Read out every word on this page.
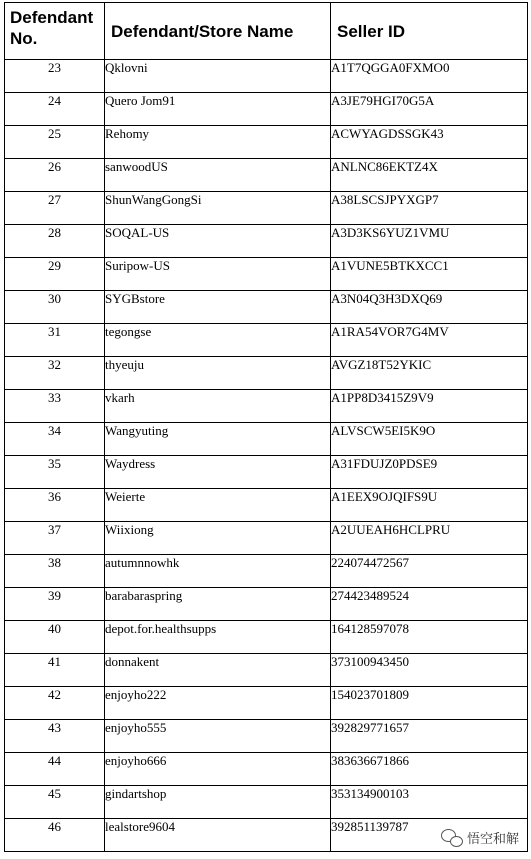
Defendant No.	Defendant/Store Name	Seller ID
23	Qklovni	A1T7QGGA0FXMO0
24	Quero Jom91	A3JE79HGI70G5A
25	Rehomy	ACWYAGDSSGK43
26	sanwoodUS	ANLNC86EKTZ4X
27	ShunWangGongSi	A38LSCSJPYXGP7
28	SOQAL-US	A3D3KS6YUZ1VMU
29	Suripow-US	A1VUNE5BTKXCC1
30	SYGBstore	A3N04Q3H3DXQ69
31	tegongse	A1RA54VOR7G4MV
32	thyeuju	AVGZ18T52YKIC
33	vkarh	A1PP8D3415Z9V9
34	Wangyuting	ALVSCW5EI5K9O
35	Waydress	A31FDUJZ0PDSE9
36	Weierte	A1EEX9OJQIFS9U
37	Wiixiong	A2UUEAH6HCLPRU
38	autumnnowhk	224074472567
39	barabaraspring	274423489524
40	depot.for.healthsupps	164128597078
41	donnakent	373100943450
42	enjoyho222	154023701809
43	enjoyho555	392829771657
44	enjoyho666	383636671866
45	gindartshop	353134900103
46	lealstore9604	392851139787
悟空和解
